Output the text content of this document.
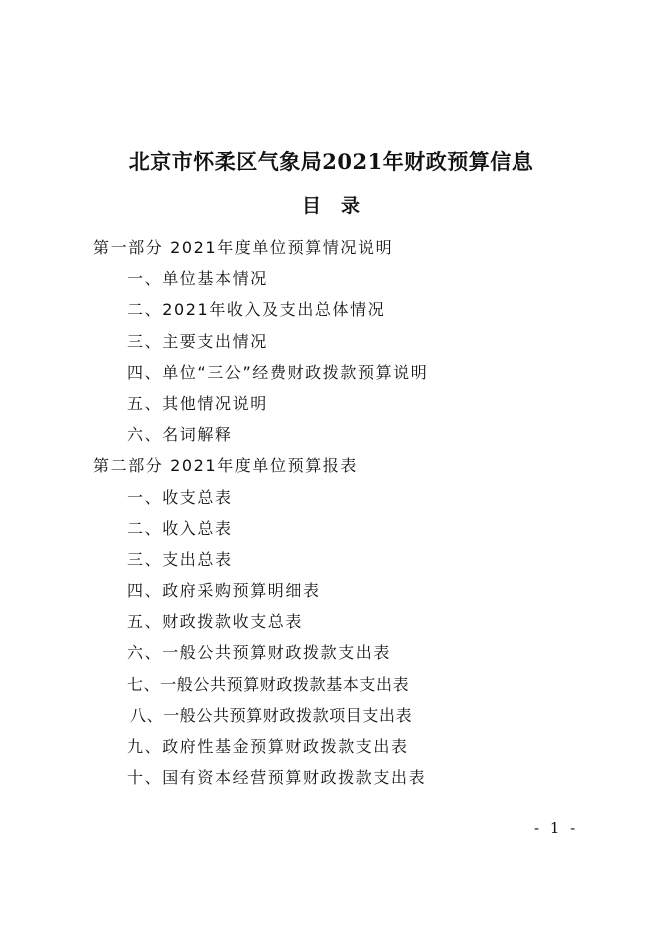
北京市怀柔区气象局2021年财政预算信息
目录
第一部分 2021年度单位预算情况说明
一、单位基本情况
二、2021年收入及支出总体情况
三、主要支出情况
四、单位“三公”经费财政拨款预算说明
五、其他情况说明
六、名词解释
第二部分 2021年度单位预算报表
一、收支总表
二、收入总表
三、支出总表
四、政府采购预算明细表
五、财政拨款收支总表
六、一般公共预算财政拨款支出表
七、一般公共预算财政拨款基本支出表
八、一般公共预算财政拨款项目支出表
九、政府性基金预算财政拨款支出表
十、国有资本经营预算财政拨款支出表
- 1 -
